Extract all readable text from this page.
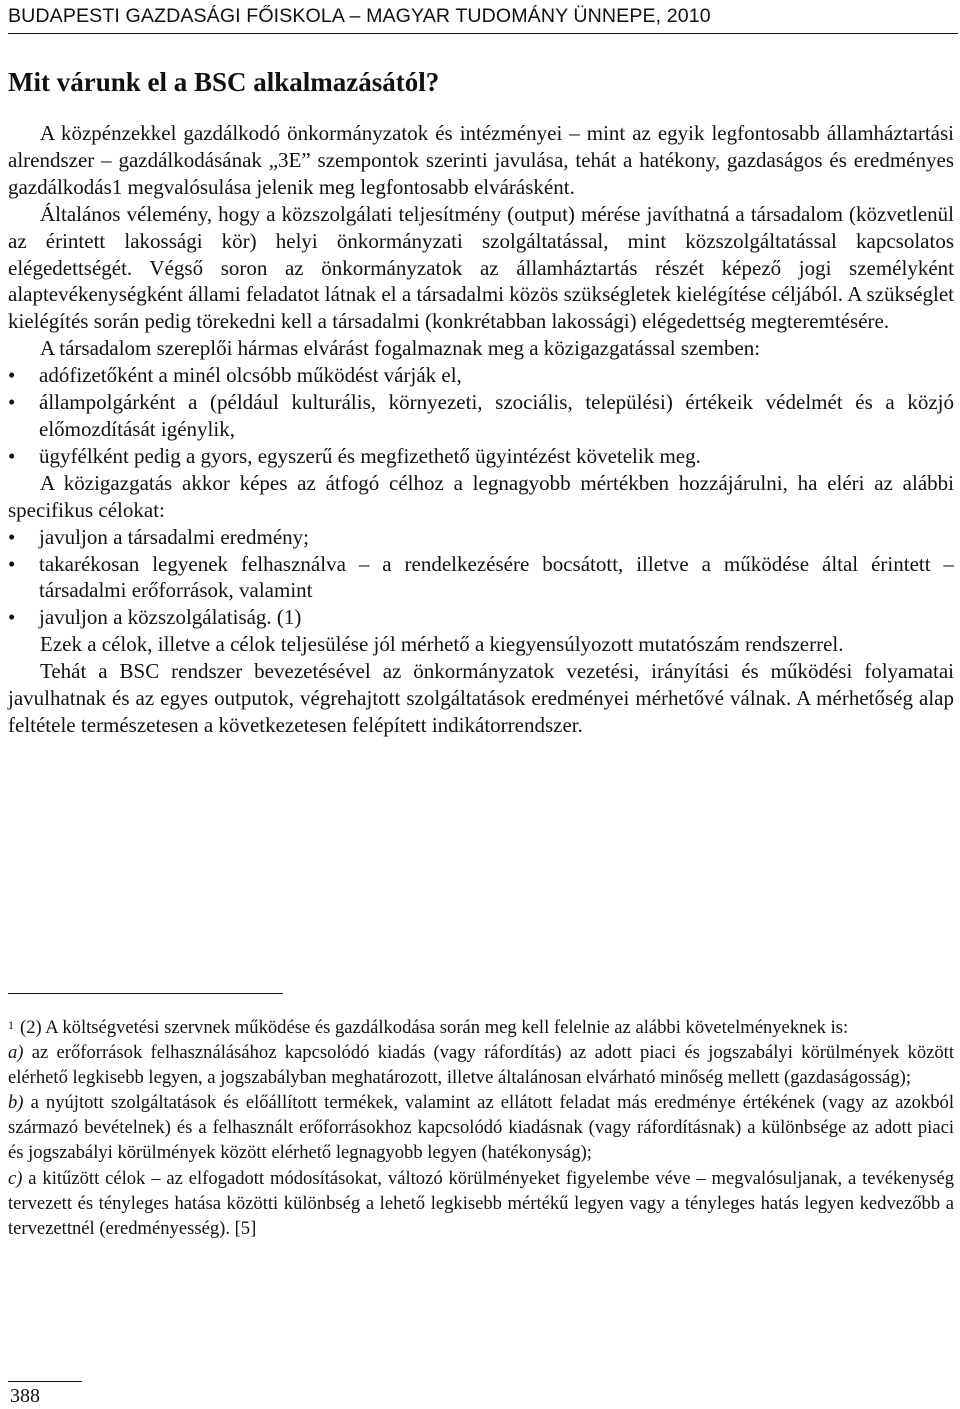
BUDAPESTI GAZDASÁGI FŐISKOLA – MAGYAR TUDOMÁNY ÜNNEPE, 2010
Mit várunk el a BSC alkalmazásától?

A közpénzekkel gazdálkodó önkormányzatok és intézményei – mint az egyik legfontosabb államháztartási alrendszer – gazdálkodásának „3E” szempontok szerinti javulása, tehát a hatékony, gazdaságos és eredményes gazdálkodás1 megvalósulása jelenik meg legfontosabb elvárásként.

Általános vélemény, hogy a közszolgálati teljesítmény (output) mérése javíthatná a társadalom (közvetlenül az érintett lakossági kör) helyi önkormányzati szolgáltatással, mint közszolgáltatással kapcsolatos elégedettségét. Végső soron az önkormányzatok az államháztartás részét képező jogi személyként alaptevékenységként állami feladatot látnak el a társadalmi közös szükségletek kielégítése céljából. A szükséglet kielégítés során pedig törekedni kell a társadalmi (konkrétabban lakossági) elégedettség megteremtésére.

A társadalom szereplői hármas elvárást fogalmaznak meg a közigazgatással szemben:

• adófizetőként a minél olcsóbb működést várják el,
• állampolgárként a (például kulturális, környezeti, szociális, települési) értékeik védelmét és a közjó előmozdítását igénylik,
• ügyfélként pedig a gyors, egyszerű és megfizethető ügyintézést követelik meg.

A közigazgatás akkor képes az átfogó célhoz a legnagyobb mértékben hozzájárulni, ha eléri az alábbi specifikus célokat:

• javuljon a társadalmi eredmény;
• takarékosan legyenek felhasználva – a rendelkezésére bocsátott, illetve a működése által érintett – társadalmi erőforrások, valamint
• javuljon a közszolgálatiság. (1)

Ezek a célok, illetve a célok teljesülése jól mérhető a kiegyensúlyozott mutatószám rendszerrel.

Tehát a BSC rendszer bevezetésével az önkormányzatok vezetési, irányítási és működési folyamatai javulhatnak és az egyes outputok, végrehajtott szolgáltatások eredményei mérhetővé válnak. A mérhetőség alap feltétele természetesen a következetesen felépített indikátorrendszer.

$^1$ (2) A költségvetési szervnek működése és gazdálkodása során meg kell felelnie az alábbi követelményeknek is:

a) az erőforrások felhasználásához kapcsolódó kiadás (vagy ráfordítás) az adott piaci és jogszabályi körülmények között elérhető legkisebb legyen, a jogszabályban meghatározott, illetve általánosan elvárható minőség mellett (gazdaságosság);

b) a nyújtott szolgáltatások és előállított termékek, valamint az ellátott feladat más eredménye értékének (vagy az azokból származó bevételnek) és a felhasznált erőforrásokhoz kapcsolódó kiadásnak (vagy ráfordításnak) a különbsége az adott piaci és jogszabályi körülmények között elérhető legnagyobb legyen (hatékonyság);

c) a kitűzött célok – az elfogadott módosításokat, változó körülményeket figyelembe véve – megvalósuljanak, a tevékenység tervezett és tényleges hatása közötti különbség a lehető legkisebb mértékű legyen vagy a tényleges hatás legyen kedvezőbb a tervezettnél (eredményesség). [5]

388
